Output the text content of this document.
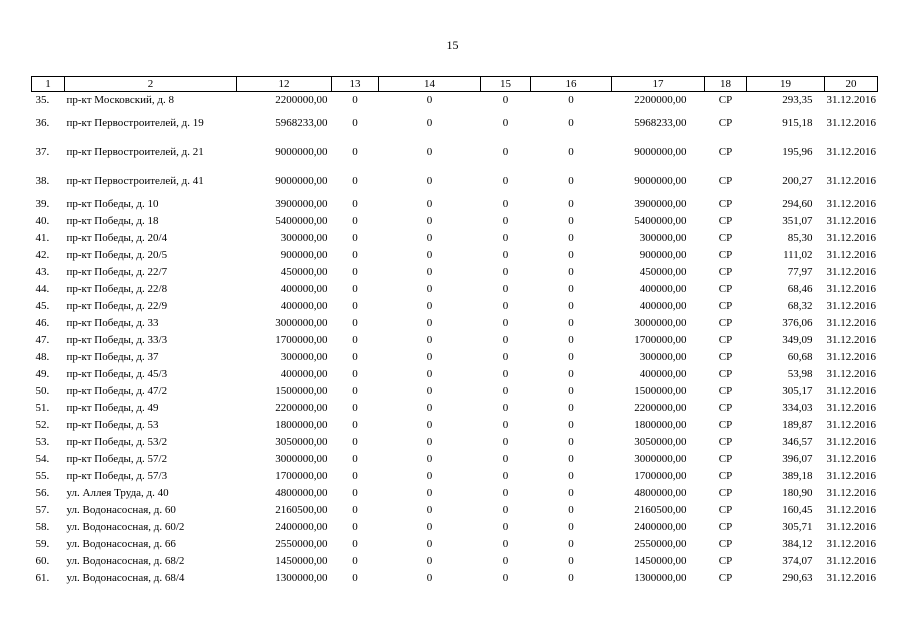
15
1	2	12	13	14	15	16	17	18	19	20
35.	пр-кт Московский, д. 8	2200000,00	0	0	0	0	2200000,00	СР	293,35	31.12.2016
36.	пр-кт Первостроителей, д. 19	5968233,00	0	0	0	0	5968233,00	СР	915,18	31.12.2016
37.	пр-кт Первостроителей, д. 21	9000000,00	0	0	0	0	9000000,00	СР	195,96	31.12.2016
38.	пр-кт Первостроителей, д. 41	9000000,00	0	0	0	0	9000000,00	СР	200,27	31.12.2016
39.	пр-кт Победы, д. 10	3900000,00	0	0	0	0	3900000,00	СР	294,60	31.12.2016
40.	пр-кт Победы, д. 18	5400000,00	0	0	0	0	5400000,00	СР	351,07	31.12.2016
41.	пр-кт Победы, д. 20/4	300000,00	0	0	0	0	300000,00	СР	85,30	31.12.2016
42.	пр-кт Победы, д. 20/5	900000,00	0	0	0	0	900000,00	СР	111,02	31.12.2016
43.	пр-кт Победы, д. 22/7	450000,00	0	0	0	0	450000,00	СР	77,97	31.12.2016
44.	пр-кт Победы, д. 22/8	400000,00	0	0	0	0	400000,00	СР	68,46	31.12.2016
45.	пр-кт Победы, д. 22/9	400000,00	0	0	0	0	400000,00	СР	68,32	31.12.2016
46.	пр-кт Победы, д. 33	3000000,00	0	0	0	0	3000000,00	СР	376,06	31.12.2016
47.	пр-кт Победы, д. 33/3	1700000,00	0	0	0	0	1700000,00	СР	349,09	31.12.2016
48.	пр-кт Победы, д. 37	300000,00	0	0	0	0	300000,00	СР	60,68	31.12.2016
49.	пр-кт Победы, д. 45/3	400000,00	0	0	0	0	400000,00	СР	53,98	31.12.2016
50.	пр-кт Победы, д. 47/2	1500000,00	0	0	0	0	1500000,00	СР	305,17	31.12.2016
51.	пр-кт Победы, д. 49	2200000,00	0	0	0	0	2200000,00	СР	334,03	31.12.2016
52.	пр-кт Победы, д. 53	1800000,00	0	0	0	0	1800000,00	СР	189,87	31.12.2016
53.	пр-кт Победы, д. 53/2	3050000,00	0	0	0	0	3050000,00	СР	346,57	31.12.2016
54.	пр-кт Победы, д. 57/2	3000000,00	0	0	0	0	3000000,00	СР	396,07	31.12.2016
55.	пр-кт Победы, д. 57/3	1700000,00	0	0	0	0	1700000,00	СР	389,18	31.12.2016
56.	ул. Аллея Труда, д. 40	4800000,00	0	0	0	0	4800000,00	СР	180,90	31.12.2016
57.	ул. Водонасосная, д. 60	2160500,00	0	0	0	0	2160500,00	СР	160,45	31.12.2016
58.	ул. Водонасосная, д. 60/2	2400000,00	0	0	0	0	2400000,00	СР	305,71	31.12.2016
59.	ул. Водонасосная, д. 66	2550000,00	0	0	0	0	2550000,00	СР	384,12	31.12.2016
60.	ул. Водонасосная, д. 68/2	1450000,00	0	0	0	0	1450000,00	СР	374,07	31.12.2016
61.	ул. Водонасосная, д. 68/4	1300000,00	0	0	0	0	1300000,00	СР	290,63	31.12.2016
